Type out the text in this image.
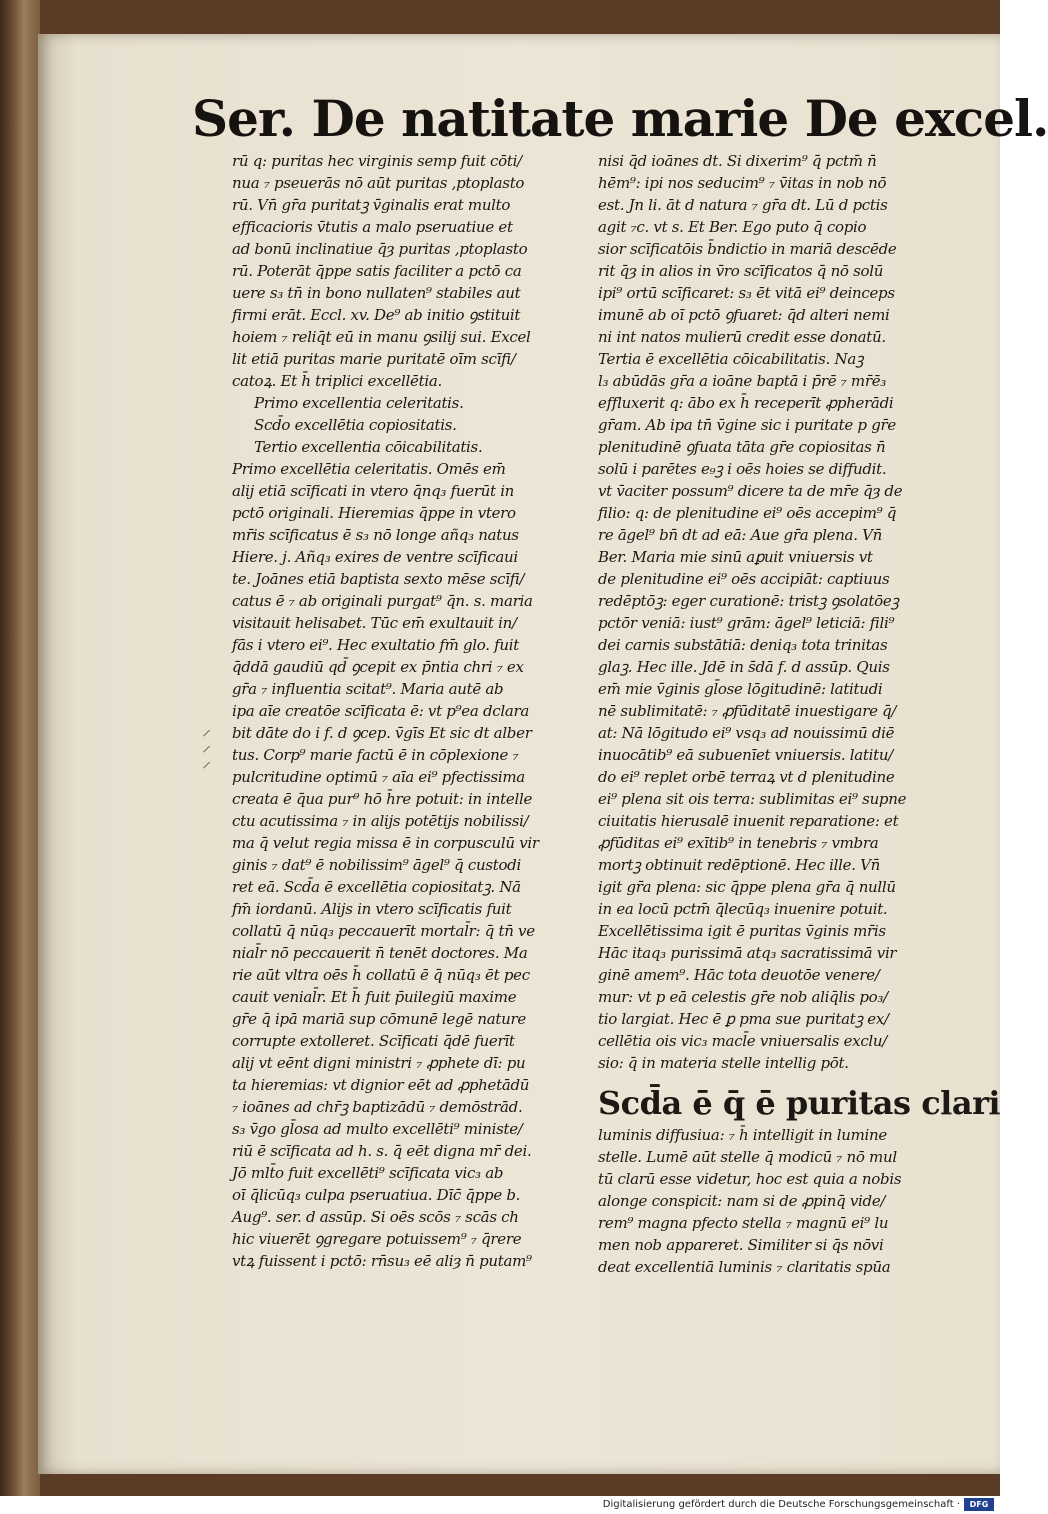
Ser. De natitate marie De excel.
⸝
⸝
⸝
rū q: puritas hec virginis semp fuit cōti/
nua ₇ pseuerās nō aūt puritas ,ptoplasto
rū. Vn̄ gr̄a puritatꝫ v̄ginalis erat multo
efficacioris v̄tutis a malo pseruatiue et
ad bonū inclinatiue q̄ȝ puritas ,ptoplasto
rū. Poterāt q̄ppe satis faciliter a pctō ca
uere s₃ tn̄ in bono nullaten⁹ stabiles aut
firmi erāt. Eccl. xv. De⁹ ab initio ꝯstituit
hoiem ₇ reliq̄t eū in manu ꝯsilij sui. Excel
lit etiā puritas marie puritatē oīm scīfi/
catoꝝ. Et h̄ triplici excellētia.
Primo excellentia celeritatis.
Scd̄o excellētia copiositatis.
Tertio excellentia cōicabilitatis.
Primo excellētia celeritatis. Omēs em̄
alij etiā scīficati in vtero q̄nq₃ fuerūt in
pctō originali. Hieremias q̄ppe in vtero
mr̄is scīficatus ē s₃ nō longe añq₃ natus
Hiere. j. Añq₃ exires de ventre scīficaui
te. Joānes etiā baptista sexto mēse scīfi/
catus ē ₇ ab originali purgat⁹ q̄n. s. maria
visitauit helisabet. Tūc em̄ exultauit in/
fās i vtero ei⁹. Hec exultatio fm̄ glo. fuit
q̄ddā gaudiū qd̄ ꝯcepit ex p̄ntia chri ₇ ex
gr̄a ₇ influentia scitat⁹. Maria autē ab
ipa aīe creatōe scīficata ē: vt p⁹ea dclara
bit dāte do i f. d ꝯcep. v̄gīs Et sic dt alber
tus. Corp⁹ marie factū ē in cōplexione ₇
pulcritudine optimū ₇ aīa ei⁹ pfectissima
creata ē q̄ua pur⁹ hō h̄re potuit: in intelle
ctu acutissima ₇ in alijs potētijs nobilissi/
ma q̄ velut regia missa ē in corpusculū vir
ginis ₇ dat⁹ ē nobilissim⁹ āgel⁹ q̄ custodi
ret eā. Scd̄a ē excellētia copiositatꝫ. Nā
fm̄ iordanū. Alijs in vtero scīficatis fuit
collatū q̄ nūq₃ peccauerīt mortal̄r: q̄ tn̄ ve
nial̄r nō peccauerit n̄ tenēt doctores. Ma
rie aūt vltra oēs h̄ collatū ē q̄ nūq₃ ēt pec
cauit venial̄r. Et h̄ fuit p̄uilegiū maxime
gr̄e q̄ ipā mariā sup cōmunē legē nature
corrupte extolleret. Scīficati q̄dē fuerīt
alij vt eēnt digni ministri ₇ ꝓphete dī: pu
ta hieremias: vt dignior eēt ad ꝓphetādū
₇ ioānes ad chr̄ꝫ baptizādū ₇ demōstrād.
s₃ v̄go gl̄osa ad multo excellēti⁹ ministe/
riū ē scīficata ad h. s. q̄ eēt digna mr̄ dei.
Jō mlt̄o fuit excellēti⁹ scīficata vic₃ ab
oī q̄licūq₃ culpa pseruatiua. Dīc̄ q̄ppe b.
Aug⁹. ser. d assūp. Si oēs scōs ₇ scās ch
hic viuerēt ꝯgregare potuissem⁹ ₇ q̄rere
vtꝝ fuissent i pctō: rn̄su₃ eē aliȝ n̄ putam⁹
nisi q̄d ioānes dt. Si dixerim⁹ q̄ pctm̄ n̄
hēm⁹: ipi nos seducim⁹ ₇ v̄itas in nob nō
est. Jn li. āt d natura ₇ gr̄a dt. Lū d pctis
agit ₇c. vt s. Et Ber. Ego puto q̄ copio
sior scīficatōis b̄ndictio in mariā descēde
rit q̄ȝ in alios in v̄ro scīficatos q̄ nō solū
ipi⁹ ortū scīficaret: s₃ ēt vitā ei⁹ deinceps
imunē ab oī pctō ꝯfuaret: q̄d alteri nemi
ni int natos mulierū credit esse donatū.
Tertia ē excellētia cōicabilitatis. Naꝫ
l₃ abūdās gr̄a a ioāne baptā i p̄rē ₇ mr̄ē₃
effluxerit q: ābo ex h̄ receperīt ꝓpherādi
gr̄am. Ab ipa tn̄ v̄gine sic i puritate p gr̄e
plenitudinē ꝯfuata tāta gr̄e copiositas n̄
solū i parētes e₉ꝫ i oēs hoies se diffudit.
vt v̄aciter possum⁹ dicere ta de mr̄e q̄ȝ de
filio: q: de plenitudine ei⁹ oēs accepim⁹ q̄
re āgel⁹ bn̄ dt ad eā: Aue gr̄a plena. Vn̄
Ber. Maria mie sinū aꝑuit vniuersis vt
de plenitudine ei⁹ oēs accipiāt: captiuus
redēptōꝫ: eger curationē: tristꝫ ꝯsolatōeꝫ
pctōr veniā: iust⁹ grām: āgel⁹ leticiā: fili⁹
dei carnis substātiā: deniq₃ tota trinitas
glaꝫ. Hec ille. Jdē in s̄dā f. d assūp. Quis
em̄ mie v̄ginis gl̄ose lōgitudinē: latitudi
nē sublimitatē: ₇ ꝓfūditatē inuestigare q̄/
at: Nā lōgitudo ei⁹ vsq₃ ad nouissimū diē
inuocātib⁹ eā subuenīet vniuersis. latitu/
do ei⁹ replet orbē terraꝝ vt d plenitudine
ei⁹ plena sit ois terra: sublimitas ei⁹ supne
ciuitatis hierusalē inuenit reparatione: et
ꝓfūditas ei⁹ exītib⁹ in tenebris ₇ vmbra
mortꝫ obtinuit redēptionē. Hec ille. Vn̄
igit gr̄a plena: sic q̄ppe plena gr̄a q̄ nullū
in ea locū pctm̄ q̄lecūq₃ inuenire potuit.
Excellētissima igit ē puritas v̄ginis mr̄is
Hāc itaq₃ purissimā atq₃ sacratissimā vir
ginē amem⁹. Hāc tota deuotōe venere/
mur: vt p eā celestis gr̄e nob aliq̄lis po₃/
tio largiat. Hec ē ꝑ pma sue puritatꝫ ex/
cellētia ois vic₃ macl̄e vniuersalis exclu/
sio: q̄ in materia stelle intellig pōt.
Scd̄a ē q̄ ē puritas clari
luminis diffusiua: ₇ h̄ intelligit in lumine
stelle. Lumē aūt stelle q̄ modicū ₇ nō mul
tū clarū esse videtur, hoc est quia a nobis
alonge conspicit: nam si de ꝓpinq̄ vide/
rem⁹ magna pfecto stella ₇ magnū ei⁹ lu
men nob appareret. Similiter si q̄s nōvi
deat excellentiā luminis ₇ claritatis spūa
Digitalisierung gefördert durch die Deutsche Forschungsgemeinschaft ·	DFG
